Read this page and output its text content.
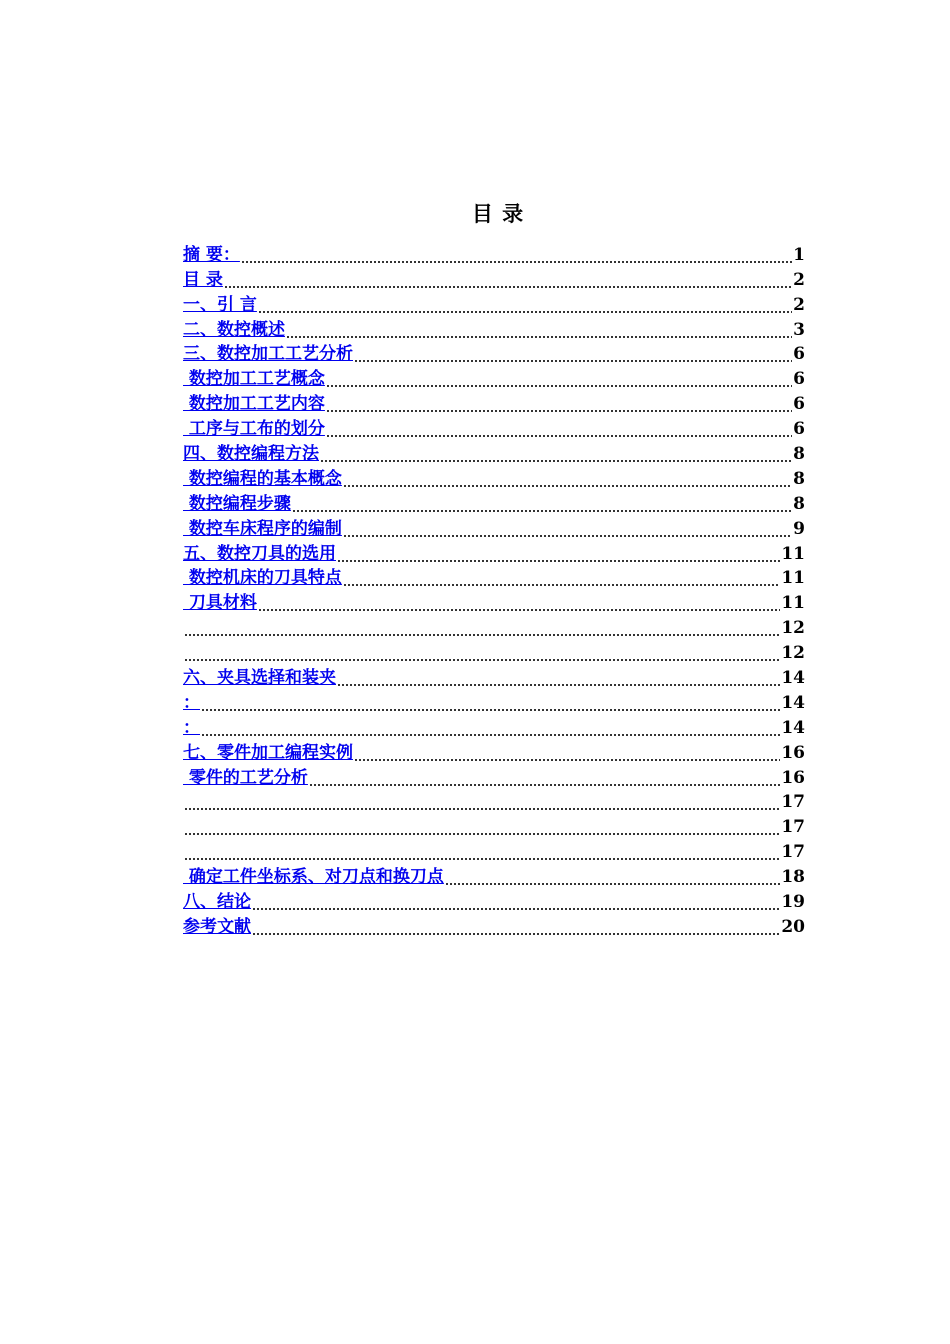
目 录
摘 要：	1
目 录	2
一、引 言	2
二、数控概述	3
三、数控加工工艺分析	6
数控加工工艺概念	6
数控加工工艺内容	6
工序与工布的划分	6
四、数控编程方法	8
数控编程的基本概念	8
数控编程步骤	8
数控车床程序的编制	9
五、数控刀具的选用	11
数控机床的刀具特点	11
刀具材料	11
12
12
六、夹具选择和装夹	14
：	14
：	14
七、零件加工编程实例	16
零件的工艺分析	16
17
17
17
确定工件坐标系、对刀点和换刀点	18
八、结论	19
参考文献	20
